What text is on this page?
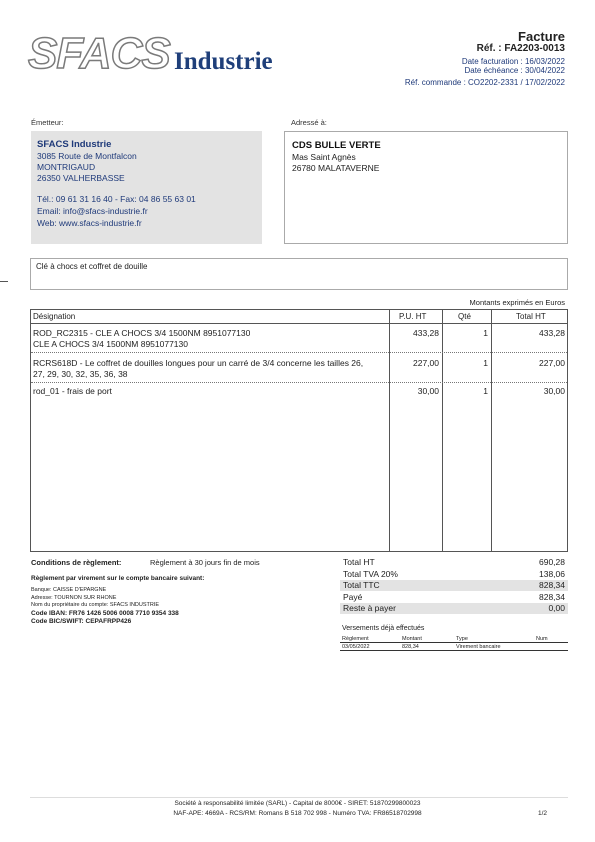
SFACS Industrie
Facture
Réf. : FA2203-0013
Date facturation : 16/03/2022
Date échéance : 30/04/2022
Réf. commande : CO2202-2331 / 17/02/2022
Émetteur:
SFACS Industrie
3085 Route de Montfalcon
MONTRIGAUD
26350 VALHERBASSE
Tél.: 09 61 31 16 40 - Fax: 04 86 55 63 01
Email: info@sfacs-industrie.fr
Web: www.sfacs-industrie.fr
Adressé à:
CDS BULLE VERTE
Mas Saint Agnès
26780 MALATAVERNE
Clé à chocs et coffret de douille
Montants exprimés en Euros
Désignation	P.U. HT	Qté	Total HT
ROD_RC2315 - CLE A CHOCS 3/4 1500NM 8951077130
CLE A CHOCS 3/4 1500NM 8951077130
433,28	1	433,28
RCRS618D - Le coffret de douilles longues pour un carré de 3/4 concerne les tailles 26,
27, 29, 30, 32, 35, 36, 38
227,00	1	227,00
rod_01 - frais de port	30,00	1	30,00
Conditions de règlement:	Règlement à 30 jours fin de mois
Règlement par virement sur le compte bancaire suivant:
Banque: CAISSE D'EPARGNE
Adresse: TOURNON SUR RHONE
Nom du propriétaire du compte: SFACS INDUSTRIE
Code IBAN: FR76 1426 5006 0008 7710 9354 338
Code BIC/SWIFT: CEPAFRPP426
Total HT	690,28
Total TVA 20%	138,06
Total TTC	828,34
Payé	828,34
Reste à payer	0,00
Versements déjà effectués
Règlement	Montant	Type	Num
03/05/2022	828,34	Virement bancaire
Société à responsabilité limitée (SARL) - Capital de 8000€ - SIRET: 51870299800023
NAF-APE: 4669A - RCS/RM: Romans B 518 702 998 - Numéro TVA: FR86518702998	1/2
